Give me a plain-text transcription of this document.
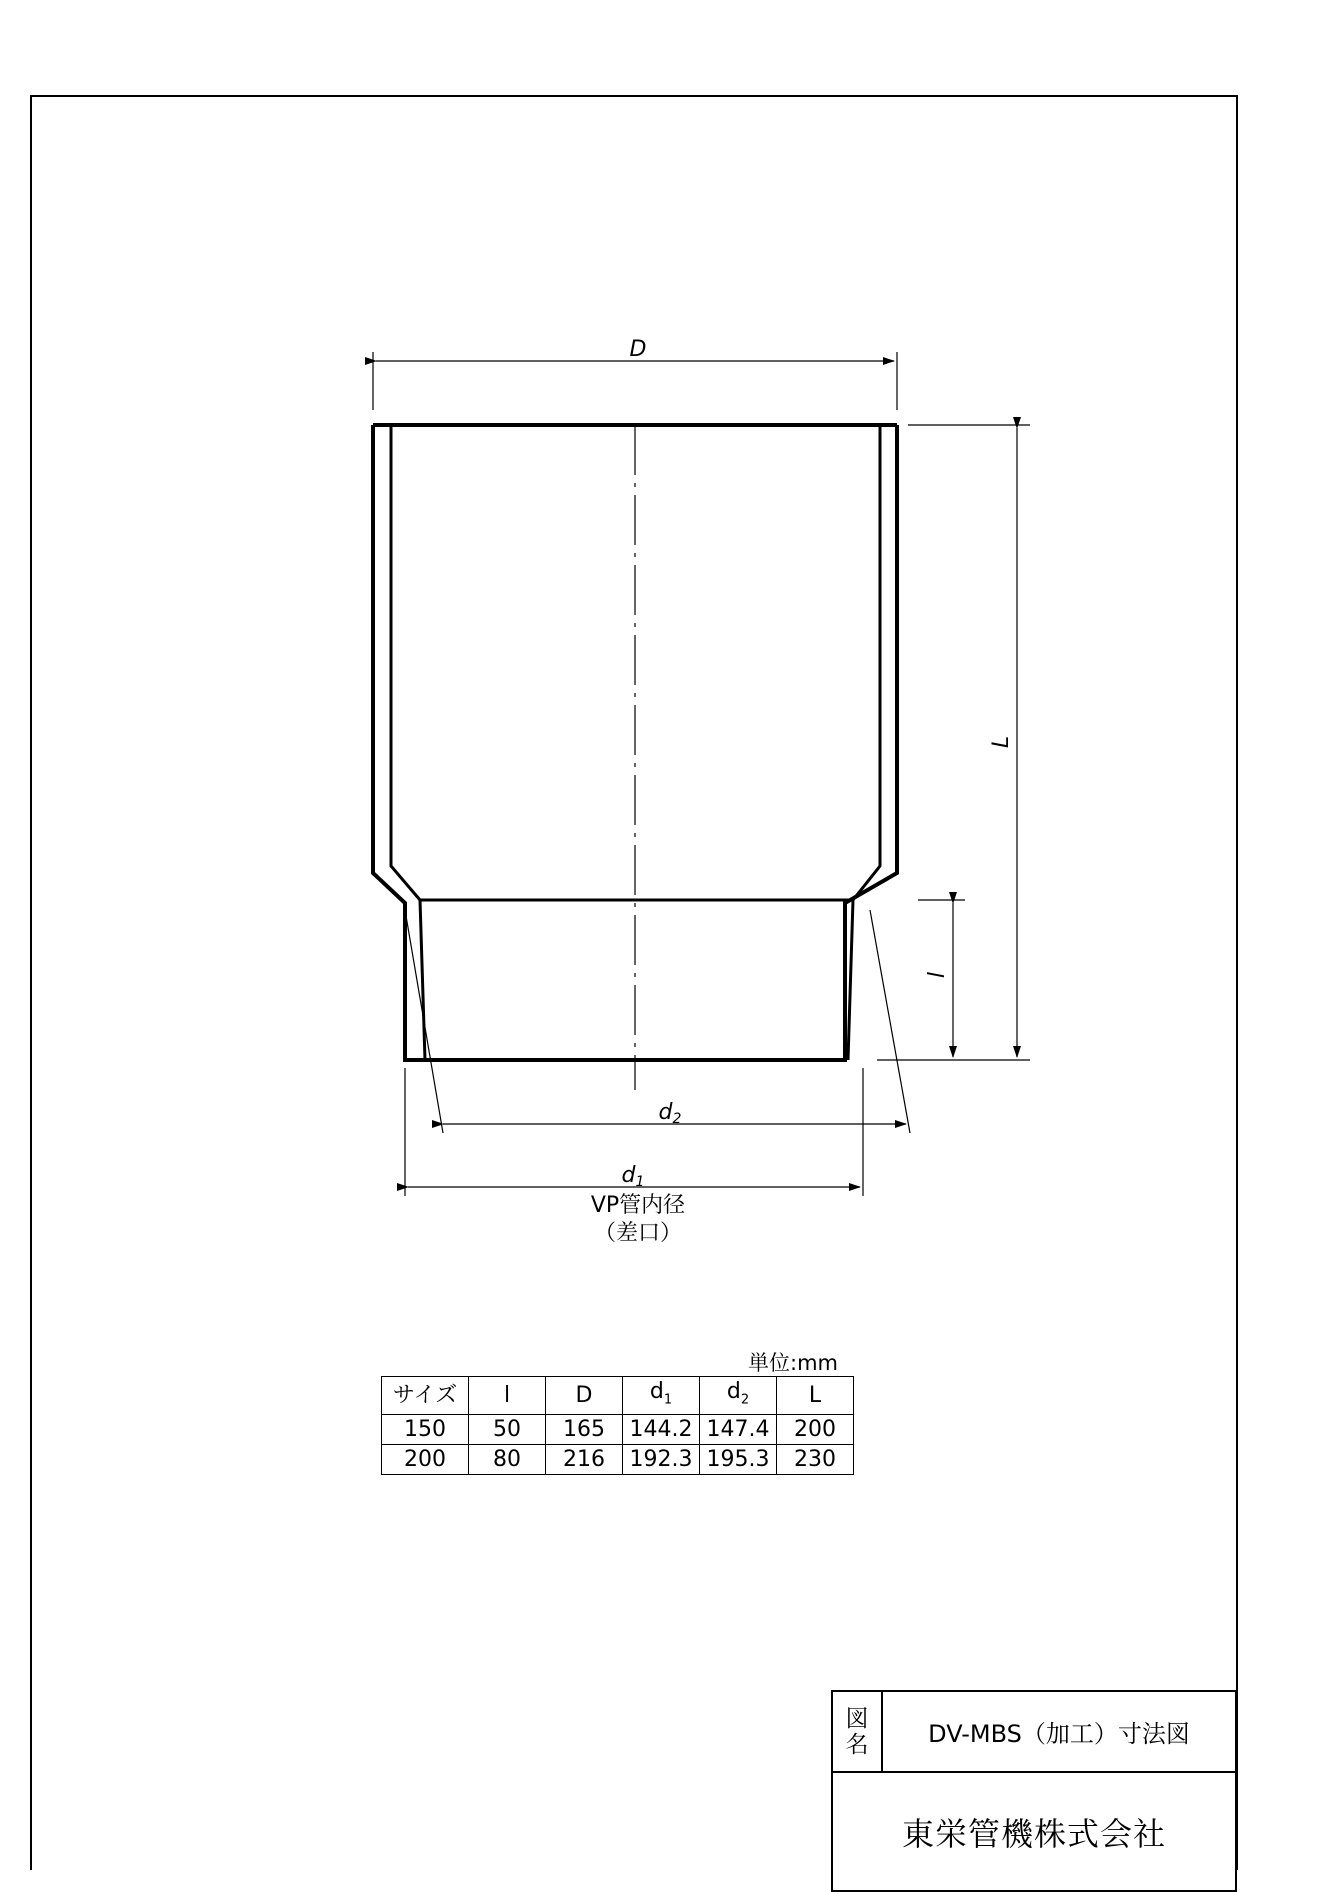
D
L
l
d2
d1
VP管内径
（差口）
単位:mm
サイズ	l	D	$d_1$	$d_2$	L
150	50	165	144.2	147.4	200
200	80	216	192.3	195.3	230
図
名	DV-MBS（加工）寸法図
東栄管機株式会社
